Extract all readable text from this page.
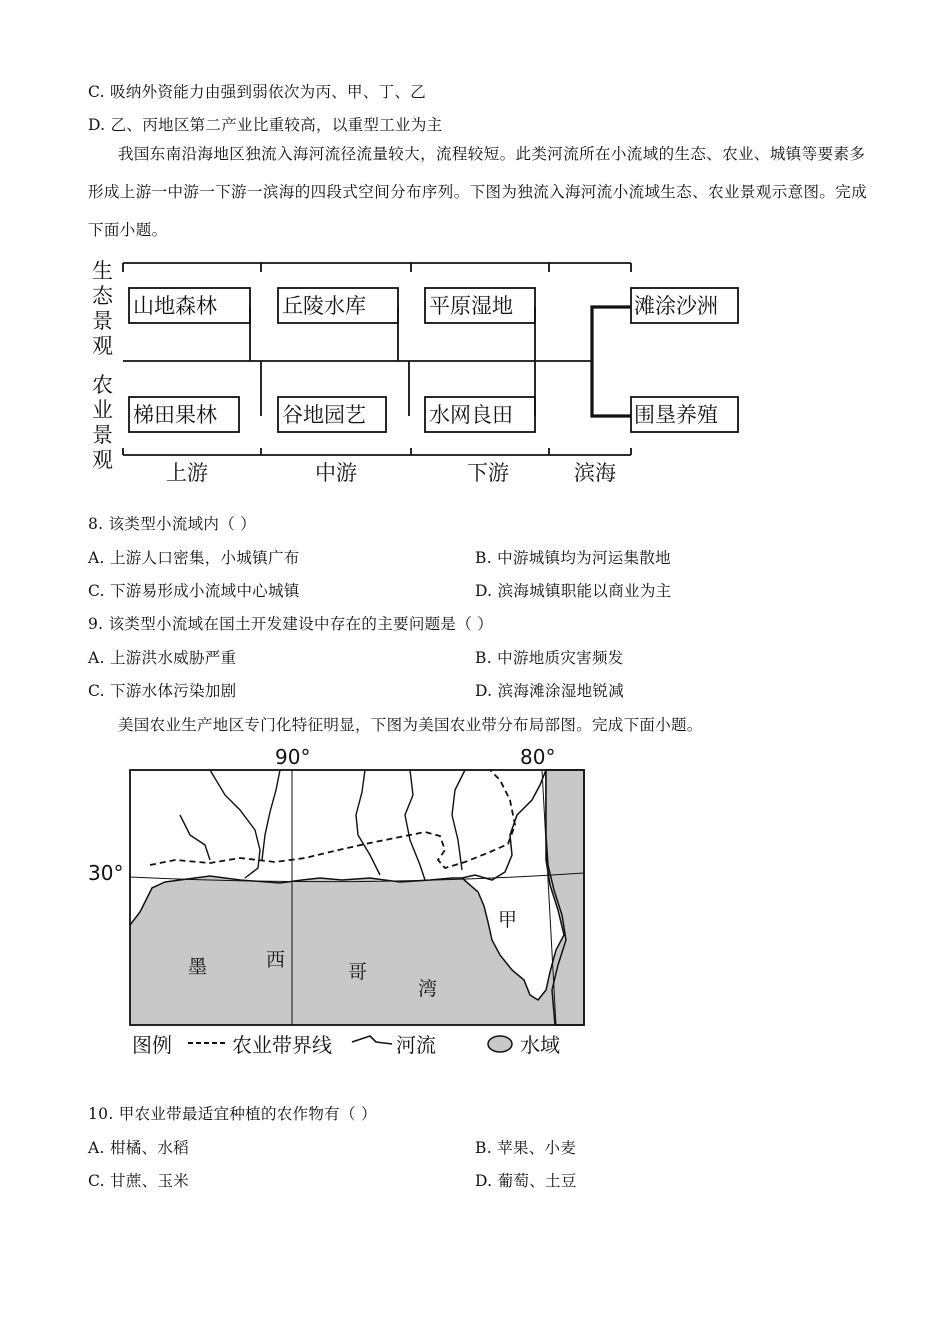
C. 吸纳外资能力由强到弱依次为丙、甲、丁、乙
D. 乙、丙地区第二产业比重较高，以重型工业为主
我国东南沿海地区独流入海河流径流量较大，流程较短。此类河流所在小流域的生态、农业、城镇等要素多形成上游一中游一下游一滨海的四段式空间分布序列。下图为独流入海河流小流域生态、农业景观示意图。完成下面小题。
生
态
景
观
农
业
景
观
山地森林	丘陵水库	平原湿地	滩涂沙洲
梯田果林	谷地园艺	水网良田	围垦养殖
上游	中游	下游	滨海
8. 该类型小流域内（ ）
A. 上游人口密集，小城镇广布	B. 中游城镇均为河运集散地
C. 下游易形成小流域中心城镇	D. 滨海城镇职能以商业为主
9. 该类型小流域在国土开发建设中存在的主要问题是（ ）
A. 上游洪水威胁严重	B. 中游地质灾害频发
C. 下游水体污染加剧	D. 滨海滩涂湿地锐减
美国农业生产地区专门化特征明显，下图为美国农业带分布局部图。完成下面小题。
90°	80°
30°
甲
墨	西
哥
湾
图例	农业带界线	河流	水域
10. 甲农业带最适宜种植的农作物有（ ）
A. 柑橘、水稻	B. 苹果、小麦
C. 甘蔗、玉米	D. 葡萄、土豆
